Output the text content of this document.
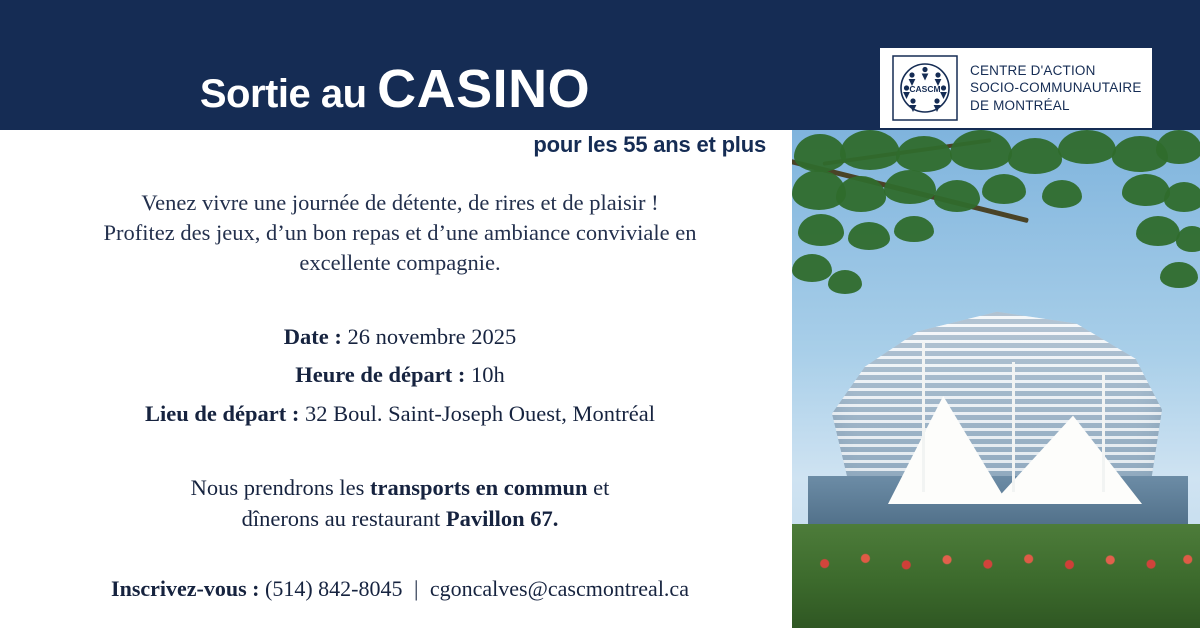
Sortie au CASINO
pour les 55 ans et plus
CASCM
CENTRE D'ACTION
SOCIO-COMMUNAUTAIRE
DE MONTRÉAL
Venez vivre une journée de détente, de rires et de plaisir !
Profitez des jeux, d’un bon repas et d’une ambiance conviviale en
excellente compagnie.
Date : 26 novembre 2025
Heure de départ : 10h
Lieu de départ : 32 Boul. Saint-Joseph Ouest, Montréal
Nous prendrons les transports en commun et
dînerons au restaurant Pavillon 67.
Inscrivez-vous : (514) 842-8045 | cgoncalves@cascmontreal.ca
